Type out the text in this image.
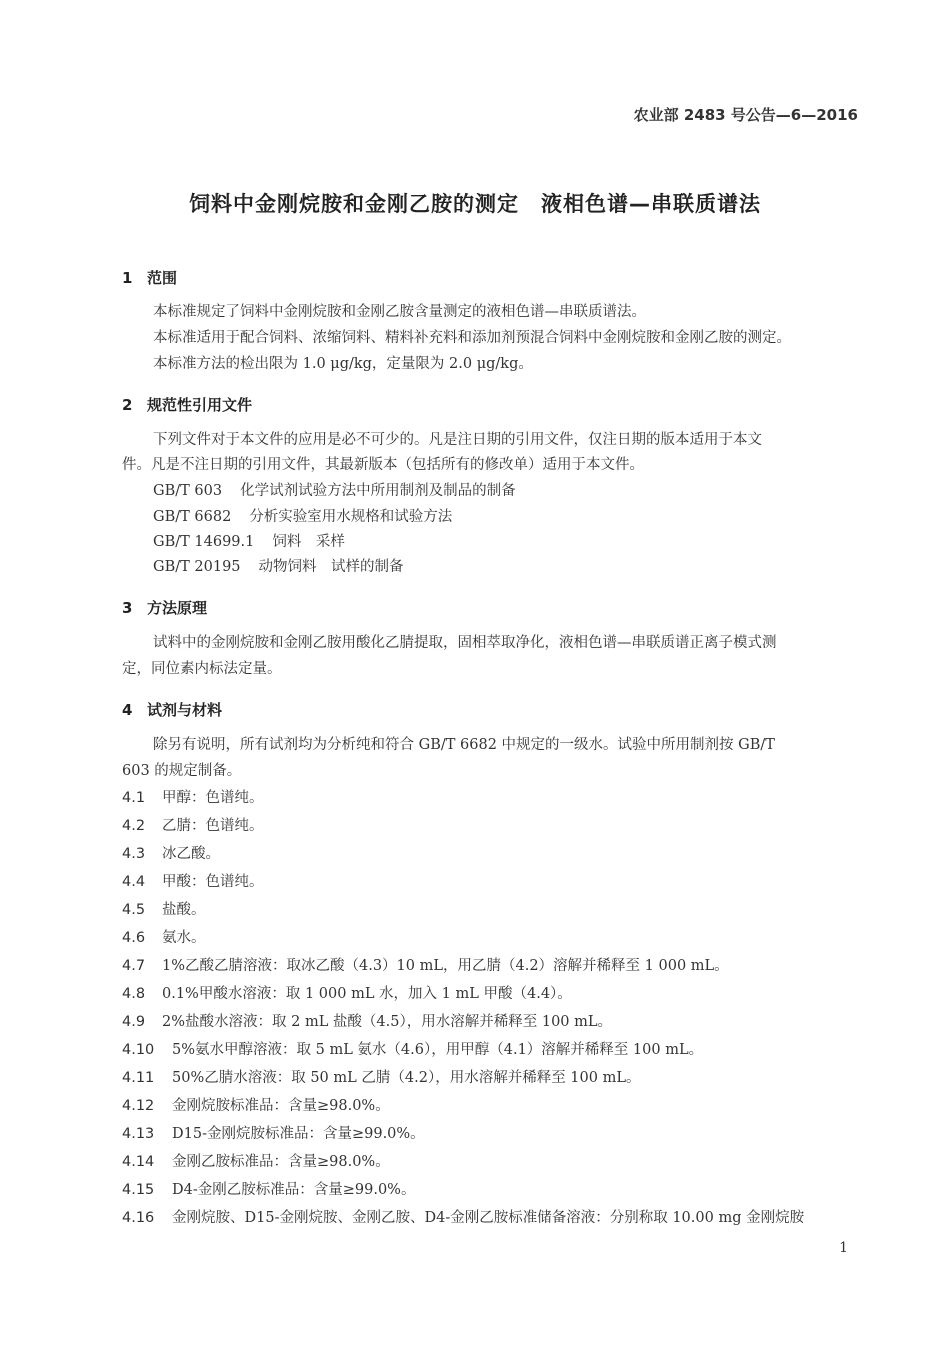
农业部 2483 号公告—6—2016
饲料中金刚烷胺和金刚乙胺的测定　液相色谱—串联质谱法
1 范围
本标准规定了饲料中金刚烷胺和金刚乙胺含量测定的液相色谱—串联质谱法。
本标准适用于配合饲料、浓缩饲料、精料补充料和添加剂预混合饲料中金刚烷胺和金刚乙胺的测定。
本标准方法的检出限为 1.0 μg/kg，定量限为 2.0 μg/kg。
2 规范性引用文件
下列文件对于本文件的应用是必不可少的。凡是注日期的引用文件，仅注日期的版本适用于本文
件。凡是不注日期的引用文件，其最新版本（包括所有的修改单）适用于本文件。
GB/T 603 化学试剂试验方法中所用制剂及制品的制备
GB/T 6682 分析实验室用水规格和试验方法
GB/T 14699.1 饲料　采样
GB/T 20195 动物饲料　试样的制备
3 方法原理
试料中的金刚烷胺和金刚乙胺用酸化乙腈提取，固相萃取净化，液相色谱—串联质谱正离子模式测
定，同位素内标法定量。
4 试剂与材料
除另有说明，所有试剂均为分析纯和符合 GB/T 6682 中规定的一级水。试验中所用制剂按 GB/T
603 的规定制备。
4.1 甲醇：色谱纯。
4.2 乙腈：色谱纯。
4.3 冰乙酸。
4.4 甲酸：色谱纯。
4.5 盐酸。
4.6 氨水。
4.7 1%乙酸乙腈溶液：取冰乙酸（4.3）10 mL，用乙腈（4.2）溶解并稀释至 1 000 mL。
4.8 0.1%甲酸水溶液：取 1 000 mL 水，加入 1 mL 甲酸（4.4）。
4.9 2%盐酸水溶液：取 2 mL 盐酸（4.5），用水溶解并稀释至 100 mL。
4.10 5%氨水甲醇溶液：取 5 mL 氨水（4.6），用甲醇（4.1）溶解并稀释至 100 mL。
4.11 50%乙腈水溶液：取 50 mL 乙腈（4.2），用水溶解并稀释至 100 mL。
4.12 金刚烷胺标准品：含量≥98.0%。
4.13 D15-金刚烷胺标准品：含量≥99.0%。
4.14 金刚乙胺标准品：含量≥98.0%。
4.15 D4-金刚乙胺标准品：含量≥99.0%。
4.16 金刚烷胺、D15-金刚烷胺、金刚乙胺、D4-金刚乙胺标准储备溶液：分别称取 10.00 mg 金刚烷胺
1
